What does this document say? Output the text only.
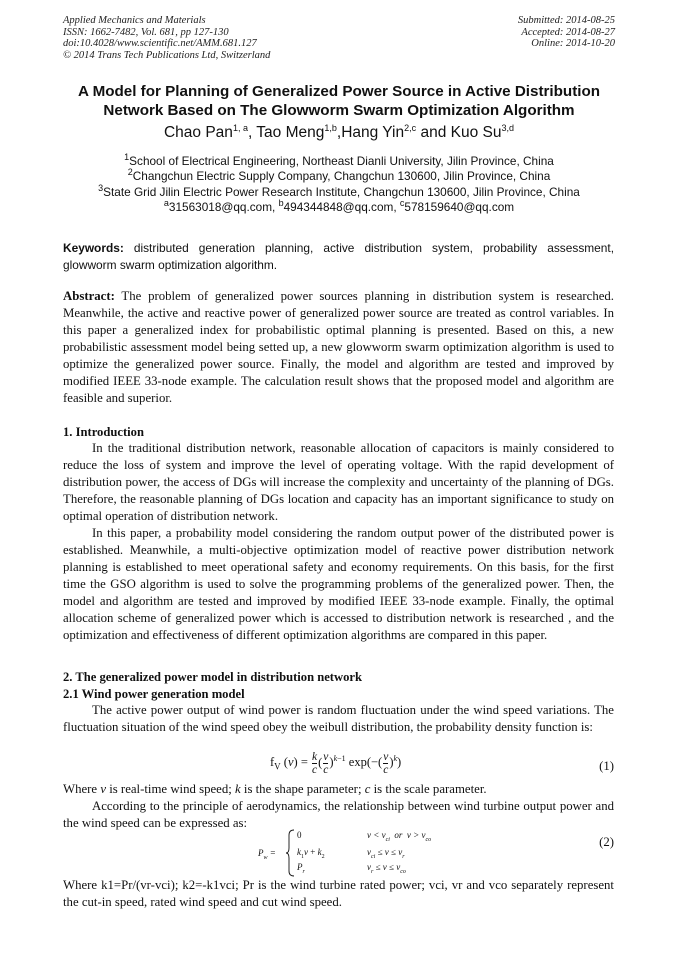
Applied Mechanics and Materials
ISSN: 1662-7482, Vol. 681, pp 127-130
doi:10.4028/www.scientific.net/AMM.681.127
© 2014 Trans Tech Publications Ltd, Switzerland
Submitted: 2014-08-25
Accepted: 2014-08-27
Online: 2014-10-20
A Model for Planning of Generalized Power Source in Active Distribution
Network Based on The Glowworm Swarm Optimization Algorithm
Chao Pan$^{1, a}$, Tao Meng$^{1,b}$,Hang Yin$^{2,c}$ and Kuo Su$^{3,d}$
$^1$School of Electrical Engineering, Northeast Dianli University, Jilin Province, China
$^2$Changchun Electric Supply Company, Changchun 130600, Jilin Province, China
$^3$State Grid Jilin Electric Power Research Institute, Changchun 130600, Jilin Province, China
$^a$31563018@qq.com, $^b$494344848@qq.com, $^c$578159640@qq.com
Keywords: distributed generation planning, active distribution system, probability assessment, glowworm swarm optimization algorithm.
Abstract: The problem of generalized power sources planning in distribution system is researched. Meanwhile, the active and reactive power of generalized power source are treated as control variables. In this paper a generalized index for probabilistic optimal planning is presented. Based on this, a new probabilistic assessment model being setted up, a new glowworm swarm optimization algorithm is used to optimize the generalized power source. Finally, the model and algorithm are tested and improved by modified IEEE 33-node example. The calculation result shows that the proposed model and algorithm are feasible and superior.
1. Introduction

In the traditional distribution network, reasonable allocation of capacitors is mainly considered to reduce the loss of system and improve the level of operating voltage. With the rapid development of distribution power, the access of DGs will increase the complexity and uncertainty of the planning of DGs. Therefore, the reasonable planning of DGs location and capacity has an important significance to study on optimal operation of distribution network.

In this paper, a probability model considering the random output power of the distributed power is established. Meanwhile, a multi-objective optimization model of reactive power distribution network planning is established to meet operational safety and economy requirements. On this basis, for the first time the GSO algorithm is used to solve the programming problems of the generalized power. Then, the model and algorithm are tested and improved by modified IEEE 33-node example. Finally, the optimal allocation scheme of generalized power which is accessed to distribution network is researched , and the optimization and effectiveness of different optimization algorithms are compared in this paper.

2. The generalized power model in distribution network
2.1 Wind power generation model

The active power output of wind power is random fluctuation under the wind speed variations. The fluctuation situation of the wind speed obey the weibull distribution, the probability density function is:

$f_V$ $(v) = \frac{k}{c}$ ( $\frac{v}{c} )^{k-1}$ $\exp(-( \frac{v}{c} )^k)$	(1)

Where v is real-time wind speed; k is the shape parameter; c is the scale parameter.

According to the principle of aerodynamics, the relationship between wind turbine output power and the wind speed can be expressed as:

$P_w$ =
0
$k_1v + k_2$
$P_r$
$v < v_{ci}$  or  $v > v_{co}$
$v_{ci} \le v \le v_r$
$v_r \le v \le v_{co}$
(2)

Where k1=Pr/(vr-vci); k2=-k1vci; Pr is the wind turbine rated power; vci, vr and vco separately represent the cut-in speed, rated wind speed and cut wind speed.
